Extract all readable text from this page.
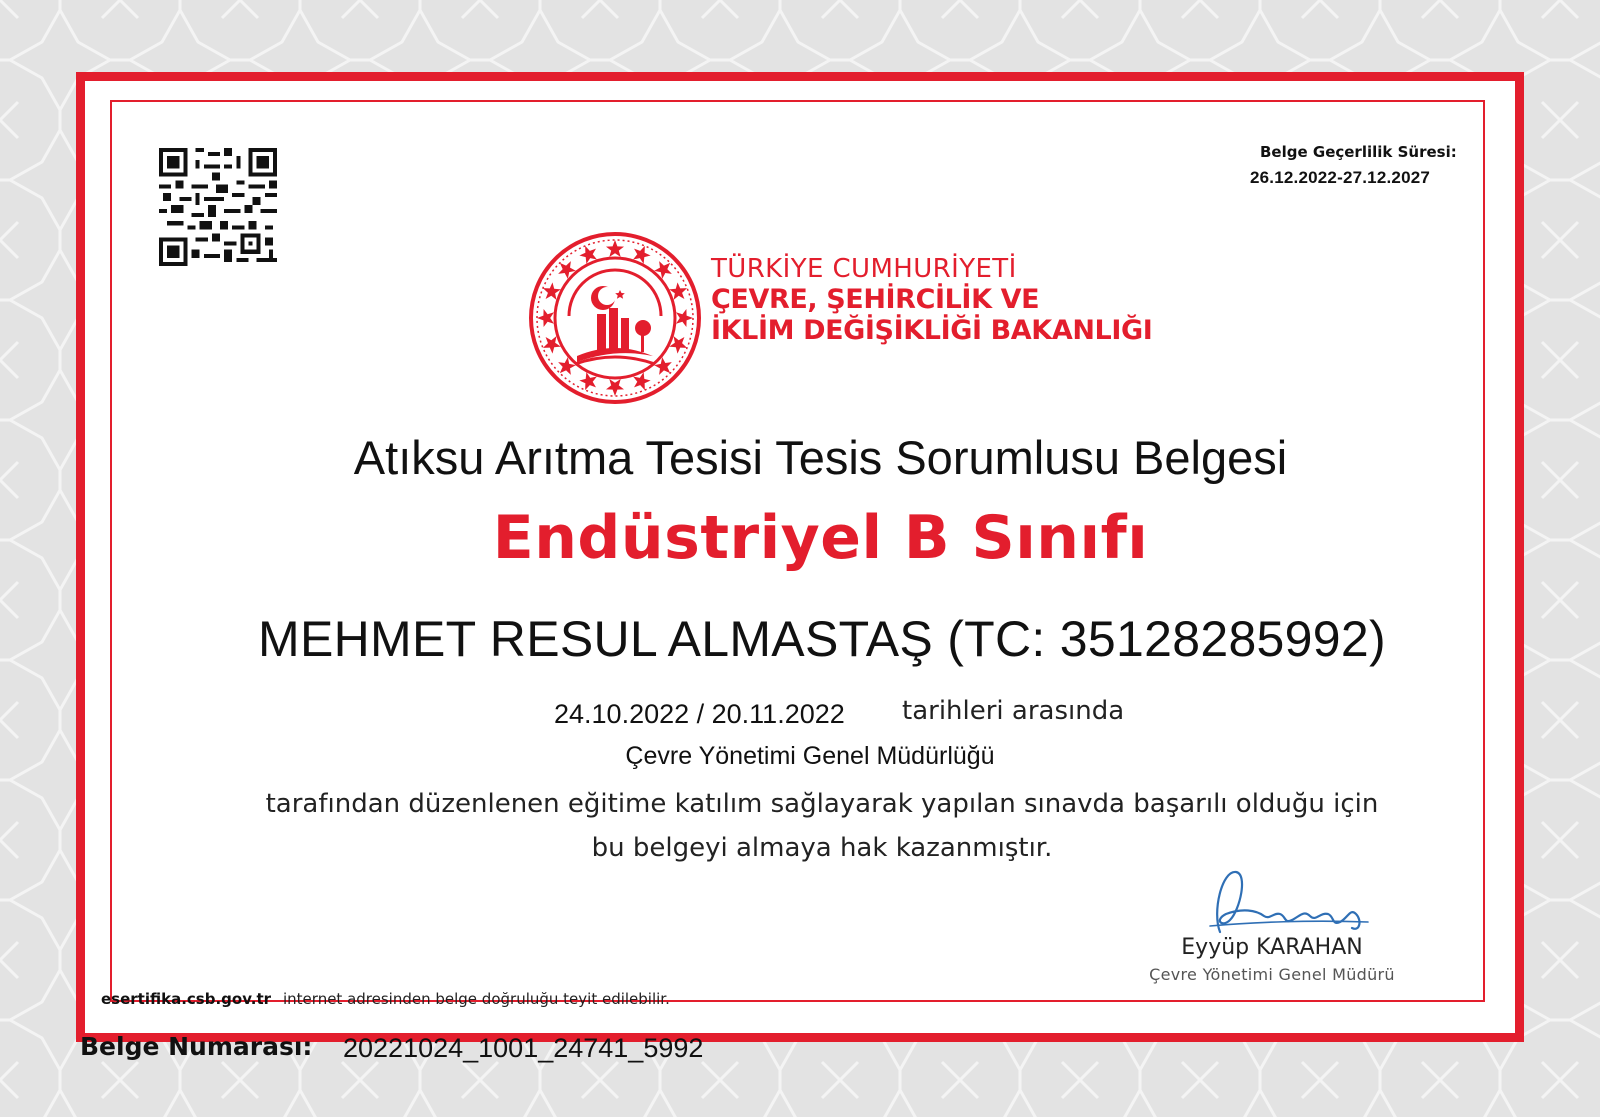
Belge Geçerlilik Süresi:
26.12.2022-27.12.2027
TÜRKİYE CUMHURİYETİ
ÇEVRE, ŞEHİRCİLİK VE
İKLİM DEĞİŞİKLİĞİ BAKANLIĞI
Atıksu Arıtma Tesisi Tesis Sorumlusu Belgesi
Endüstriyel B Sınıfı
MEHMET RESUL ALMASTAŞ (TC: 35128285992)
24.10.2022 / 20.11.2022 tarihleri arasında
Çevre Yönetimi Genel Müdürlüğü
tarafından düzenlenen eğitime katılım sağlayarak yapılan sınavda başarılı olduğu için
bu belgeyi almaya hak kazanmıştır.
Eyyüp KARAHAN
Çevre Yönetimi Genel Müdürü
esertifika.csb.gov.tr internet adresinden belge doğruluğu teyit edilebilir.
Belge Numarası: 20221024_1001_24741_5992
